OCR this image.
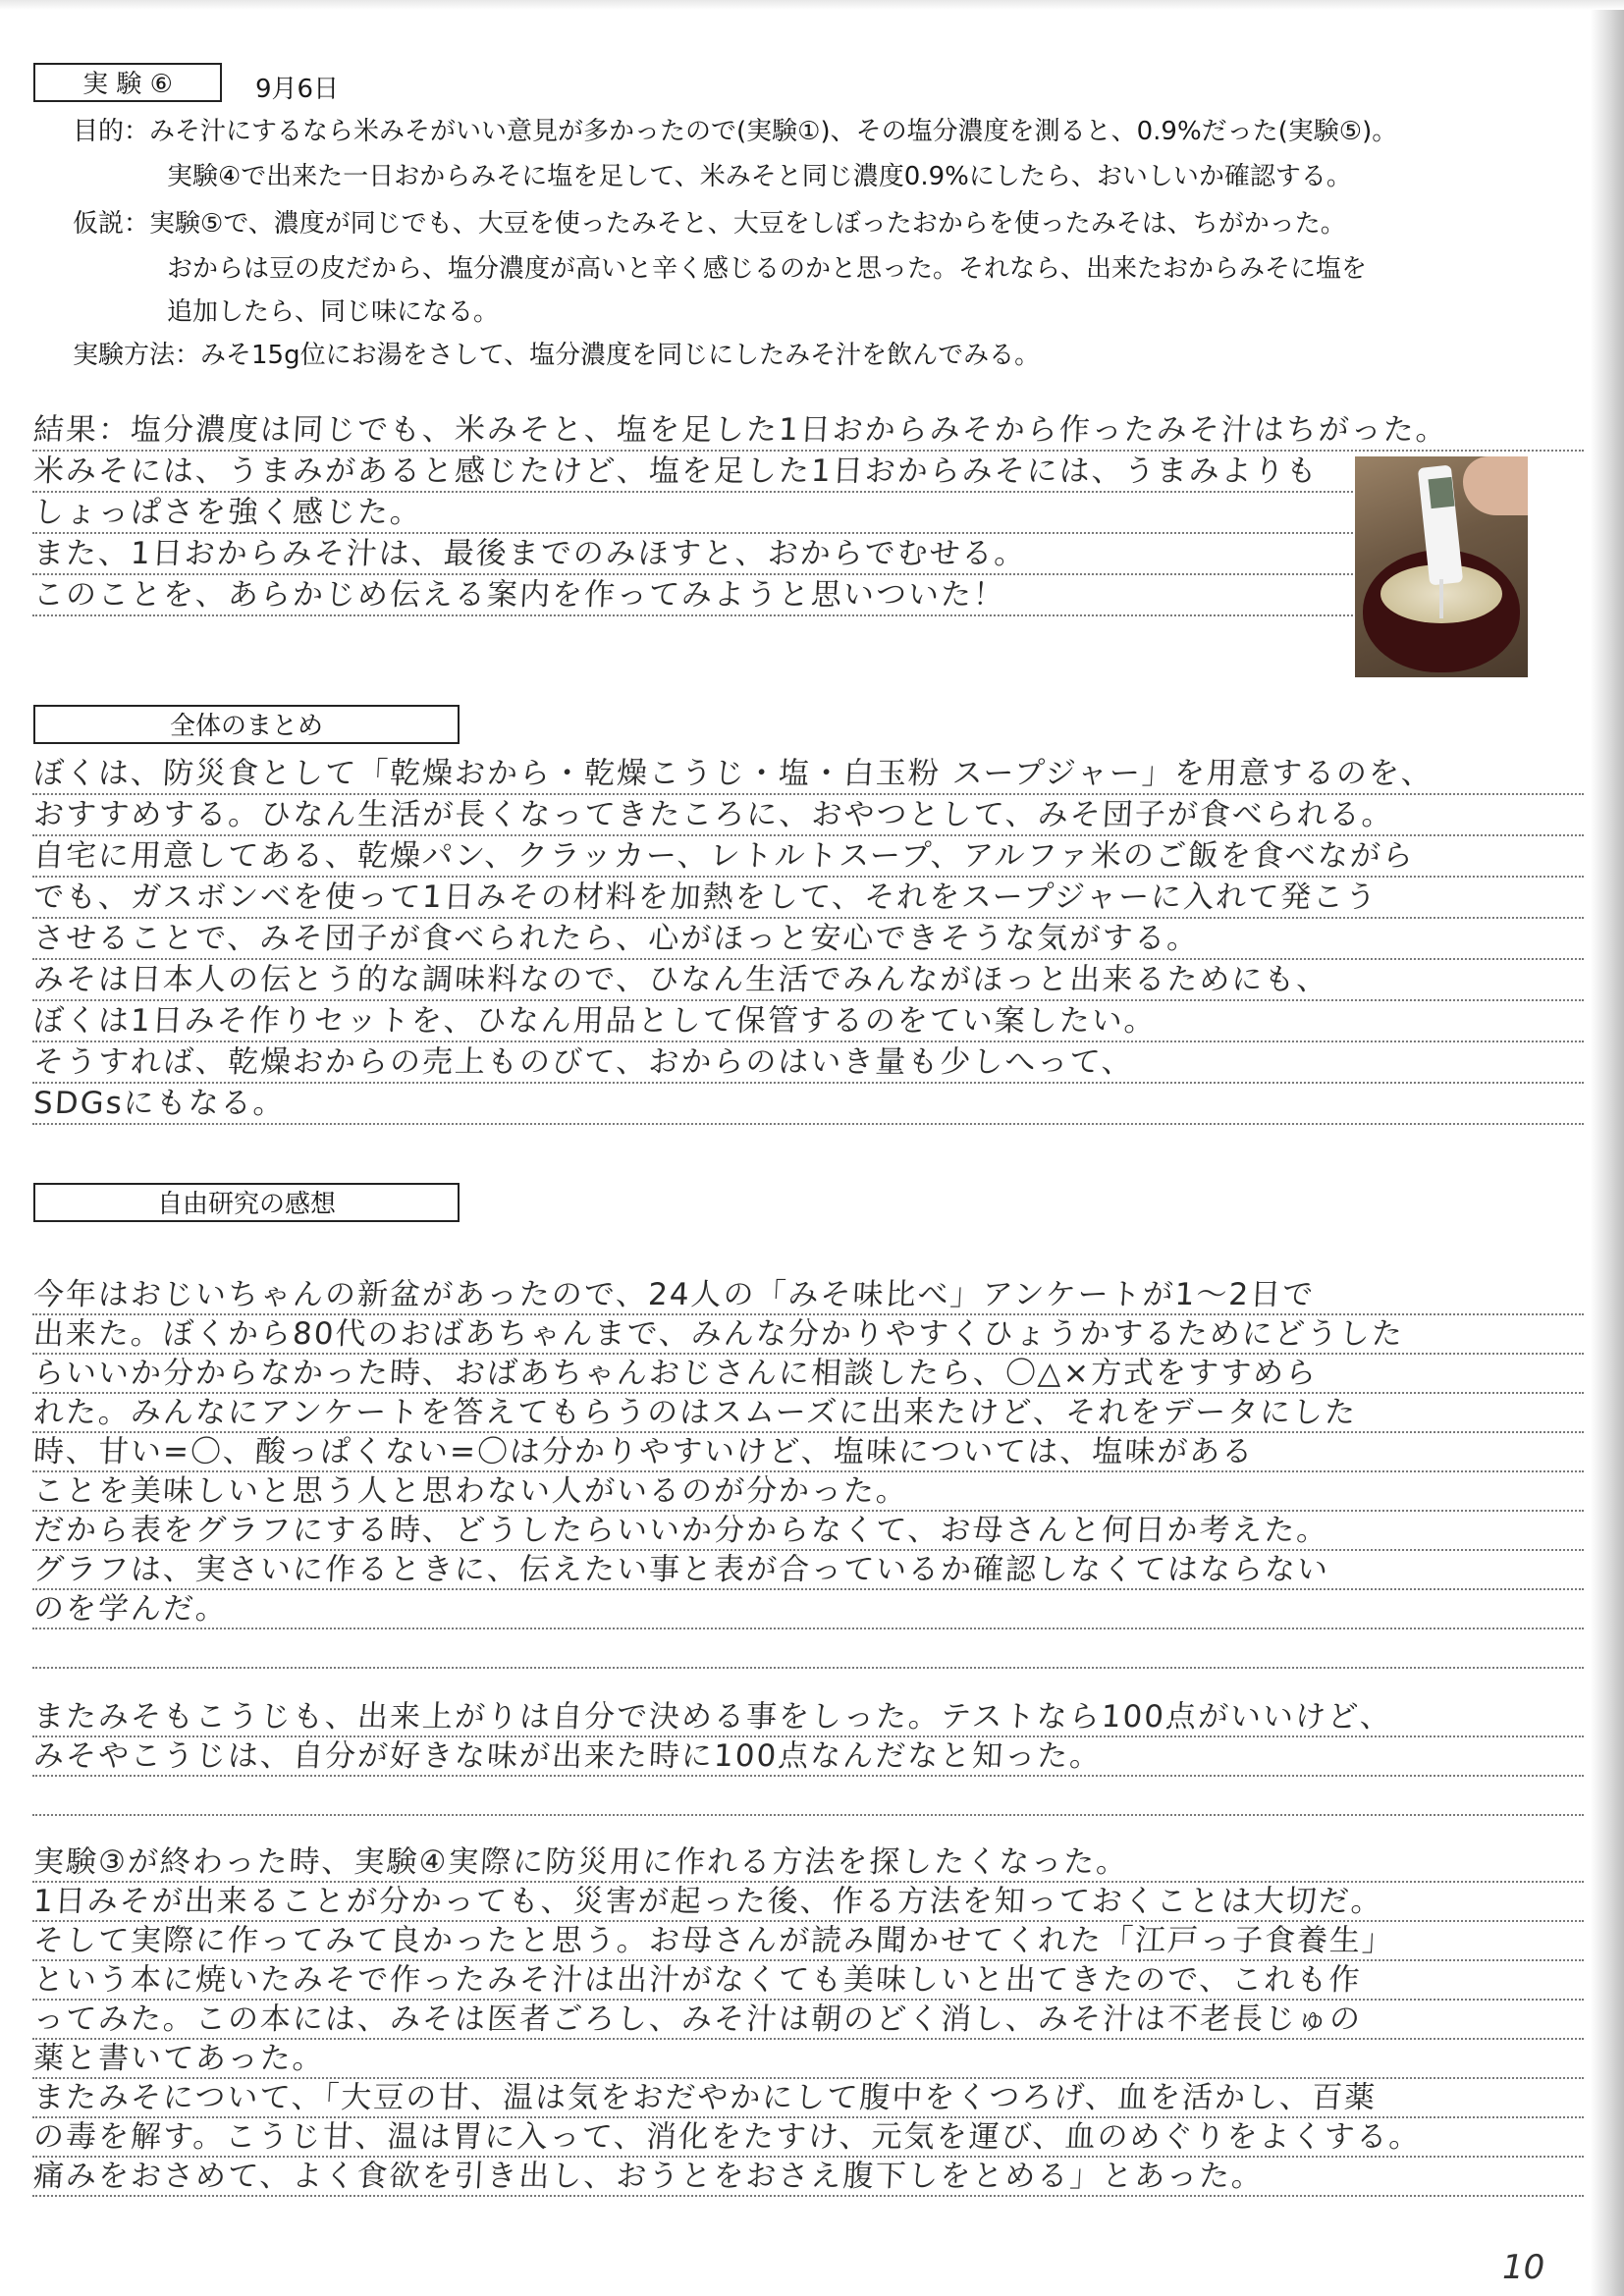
実 験 ⑥	9月6日
目的：みそ汁にするなら米みそがいい意見が多かったので(実験①)、その塩分濃度を測ると、0.9%だった(実験⑤)。
実験④で出来た一日おからみそに塩を足して、米みそと同じ濃度0.9%にしたら、おいしいか確認する。
仮説：実験⑤で、濃度が同じでも、大豆を使ったみそと、大豆をしぼったおからを使ったみそは、ちがかった。
おからは豆の皮だから、塩分濃度が高いと辛く感じるのかと思った。それなら、出来たおからみそに塩を
追加したら、同じ味になる。
実験方法：みそ15g位にお湯をさして、塩分濃度を同じにしたみそ汁を飲んでみる。
結果：塩分濃度は同じでも、米みそと、塩を足した1日おからみそから作ったみそ汁はちがった。
米みそには、うまみがあると感じたけど、塩を足した1日おからみそには、うまみよりも
しょっぱさを強く感じた。
また、1日おからみそ汁は、最後までのみほすと、おからでむせる。
このことを、あらかじめ伝える案内を作ってみようと思いついた！
全体のまとめ
ぼくは、防災食として「乾燥おから・乾燥こうじ・塩・白玉粉 スープジャー」を用意するのを、
おすすめする。ひなん生活が長くなってきたころに、おやつとして、みそ団子が食べられる。
自宅に用意してある、乾燥パン、クラッカー、レトルトスープ、アルファ米のご飯を食べながら
でも、ガスボンベを使って1日みその材料を加熱をして、それをスープジャーに入れて発こう
させることで、みそ団子が食べられたら、心がほっと安心できそうな気がする。
みそは日本人の伝とう的な調味料なので、ひなん生活でみんながほっと出来るためにも、
ぼくは1日みそ作りセットを、ひなん用品として保管するのをてい案したい。
そうすれば、乾燥おからの売上ものびて、おからのはいき量も少しへって、
SDGsにもなる。
自由研究の感想
今年はおじいちゃんの新盆があったので、24人の「みそ味比べ」アンケートが1〜2日で
出来た。ぼくから80代のおばあちゃんまで、みんな分かりやすくひょうかするためにどうした
らいいか分からなかった時、おばあちゃんおじさんに相談したら、〇△×方式をすすめら
れた。みんなにアンケートを答えてもらうのはスムーズに出来たけど、それをデータにした
時、甘い=〇、酸っぱくない=〇は分かりやすいけど、塩味については、塩味がある
ことを美味しいと思う人と思わない人がいるのが分かった。
だから表をグラフにする時、どうしたらいいか分からなくて、お母さんと何日か考えた。
グラフは、実さいに作るときに、伝えたい事と表が合っているか確認しなくてはならない
のを学んだ。
またみそもこうじも、出来上がりは自分で決める事をしった。テストなら100点がいいけど、
みそやこうじは、自分が好きな味が出来た時に100点なんだなと知った。
実験③が終わった時、実験④実際に防災用に作れる方法を探したくなった。
1日みそが出来ることが分かっても、災害が起った後、作る方法を知っておくことは大切だ。
そして実際に作ってみて良かったと思う。お母さんが読み聞かせてくれた「江戸っ子食養生」
という本に焼いたみそで作ったみそ汁は出汁がなくても美味しいと出てきたので、これも作
ってみた。この本には、みそは医者ごろし、みそ汁は朝のどく消し、みそ汁は不老長じゅの
薬と書いてあった。
またみそについて、「大豆の甘、温は気をおだやかにして腹中をくつろげ、血を活かし、百薬
の毒を解す。こうじ甘、温は胃に入って、消化をたすけ、元気を運び、血のめぐりをよくする。
痛みをおさめて、よく食欲を引き出し、おうとをおさえ腹下しをとめる」とあった。
10
